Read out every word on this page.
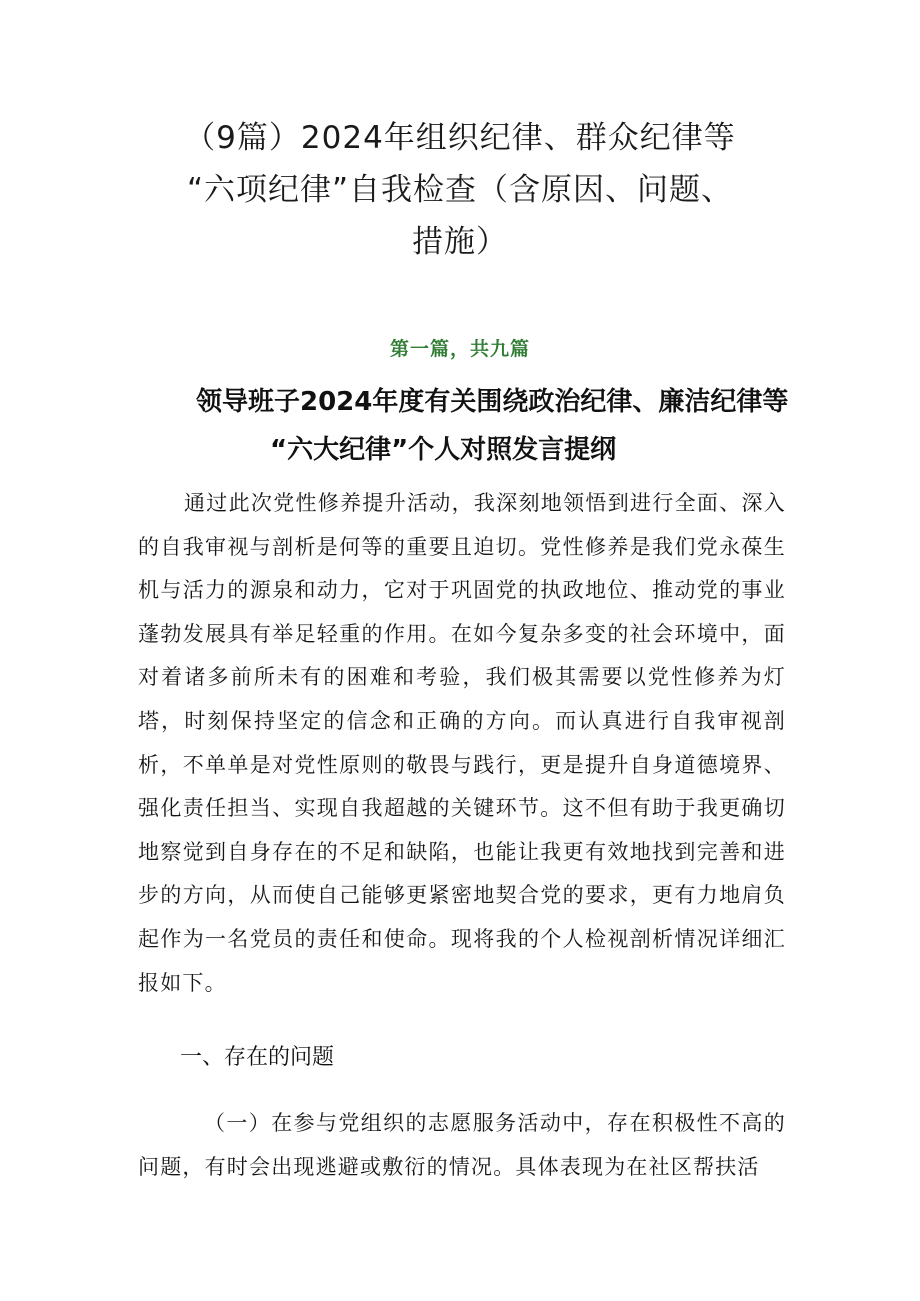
（9篇）2024年组织纪律、群众纪律等
“六项纪律”自我检查（含原因、问题、
措施）
第一篇，共九篇
领导班子2024年度有关围绕政治纪律、廉洁纪律等
“六大纪律”个人对照发言提纲

通过此次党性修养提升活动，我深刻地领悟到进行全面、深入的自我审视与剖析是何等的重要且迫切。党性修养是我们党永葆生机与活力的源泉和动力，它对于巩固党的执政地位、推动党的事业蓬勃发展具有举足轻重的作用。在如今复杂多变的社会环境中，面对着诸多前所未有的困难和考验，我们极其需要以党性修养为灯塔，时刻保持坚定的信念和正确的方向。而认真进行自我审视剖析，不单单是对党性原则的敬畏与践行，更是提升自身道德境界、强化责任担当、实现自我超越的关键环节。这不但有助于我更确切地察觉到自身存在的不足和缺陷，也能让我更有效地找到完善和进步的方向，从而使自己能够更紧密地契合党的要求，更有力地肩负起作为一名党员的责任和使命。现将我的个人检视剖析情况详细汇报如下。

一、存在的问题

（一）在参与党组织的志愿服务活动中，存在积极性不高的问题，有时会出现逃避或敷衍的情况。具体表现为在社区帮扶活
